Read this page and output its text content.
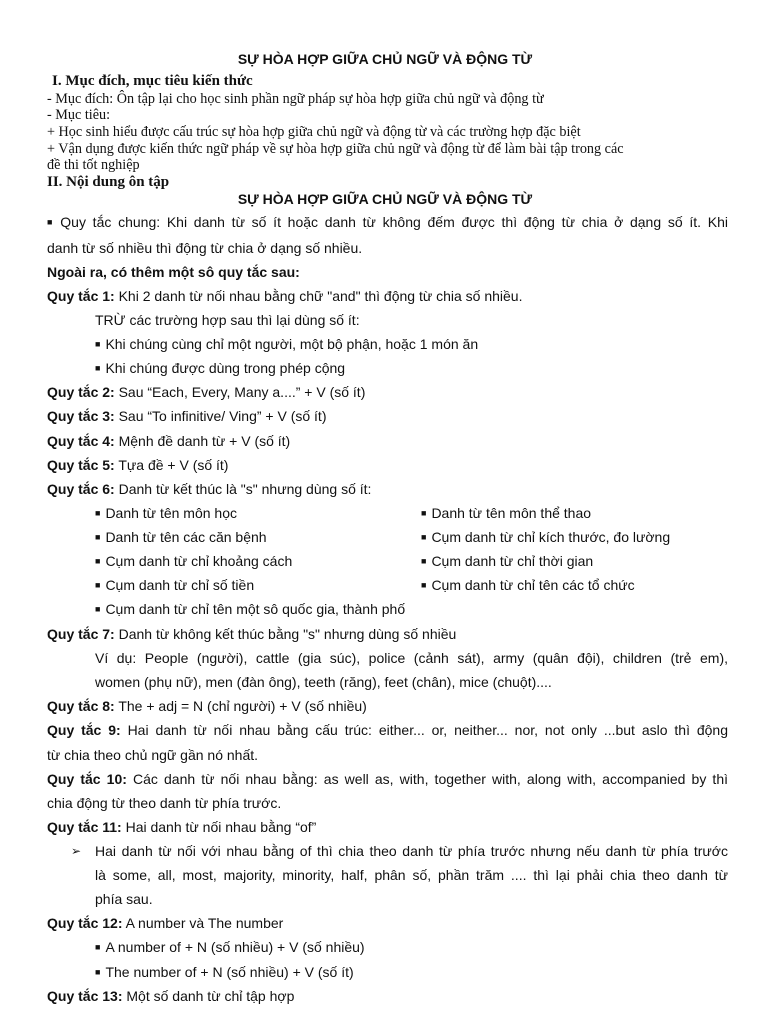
SỰ HÒA HỢP GIỮA CHỦ NGỮ VÀ ĐỘNG TỪ
I. Mục đích, mục tiêu kiến thức
- Mục đích: Ôn tập lại cho học sinh phần ngữ pháp sự hòa hợp giữa chủ ngữ và động từ
- Mục tiêu:
+ Học sinh hiểu được cấu trúc sự hòa hợp giữa chủ ngữ và động từ và các trường hợp đặc biệt
+ Vận dụng được kiến thức ngữ pháp về sự hòa hợp giữa chủ ngữ và động từ để làm bài tập trong các
đề thi tốt nghiệp
II. Nội dung ôn tập
SỰ HÒA HỢP GIỮA CHỦ NGỮ VÀ ĐỘNG TỪ
■ Quy tắc chung: Khi danh từ số ít hoặc danh từ không đếm được thì động từ chia ở dạng số ít. Khi
danh từ số nhiều thì động từ chia ở dạng số nhiều.
Ngoài ra, có thêm một sô quy tắc sau:
Quy tắc 1: Khi 2 danh từ nối nhau bằng chữ "and" thì động từ chia số nhiều.
TRỪ các trường hợp sau thì lại dùng số ít:
■ Khi chúng cùng chỉ một người, một bộ phận, hoặc 1 món ăn
■ Khi chúng được dùng trong phép cộng
Quy tắc 2: Sau “Each, Every, Many a....” + V (số ít)
Quy tắc 3: Sau “To infinitive/ Ving” + V (số ít)
Quy tắc 4: Mệnh đề danh từ + V (số ít)
Quy tắc 5: Tựa đề + V (số ít)
Quy tắc 6: Danh từ kết thúc là "s" nhưng dùng số ít:
■ Danh từ tên môn học	■ Danh từ tên môn thể thao
■ Danh từ tên các căn bệnh	■ Cụm danh từ chỉ kích thước, đo lường
■ Cụm danh từ chỉ khoảng cách	■ Cụm danh từ chỉ thời gian
■ Cụm danh từ chỉ số tiền	■ Cụm danh từ chỉ tên các tổ chức
■ Cụm danh từ chỉ tên một sô quốc gia, thành phố
Quy tắc 7: Danh từ không kết thúc bằng "s" nhưng dùng số nhiều
Ví dụ: People (người), cattle (gia súc), police (cảnh sát), army (quân đội), children (trẻ em),
women (phụ nữ), men (đàn ông), teeth (răng), feet (chân), mice (chuột)....
Quy tắc 8: The + adj = N (chỉ người) + V (số nhiều)
Quy tắc 9: Hai danh từ nối nhau bằng cấu trúc: either... or, neither... nor, not only ...but aslo thì động
từ chia theo chủ ngữ gần nó nhất.
Quy tắc 10: Các danh từ nối nhau bằng: as well as, with, together with, along with, accompanied by thì
chia động từ theo danh từ phía trước.
Quy tắc 11: Hai danh từ nối nhau bằng “of”
➢ Hai danh từ nối với nhau bằng of thì chia theo danh từ phía trước nhưng nếu danh từ phía trước
là some, all, most, majority, minority, half, phân số, phần trăm .... thì lại phải chia theo danh từ
phía sau.
Quy tắc 12: A number và The number
■ A number of + N (số nhiều) + V (số nhiều)
■ The number of + N (số nhiều) + V (số ít)
Quy tắc 13: Một số danh từ chỉ tập hợp
